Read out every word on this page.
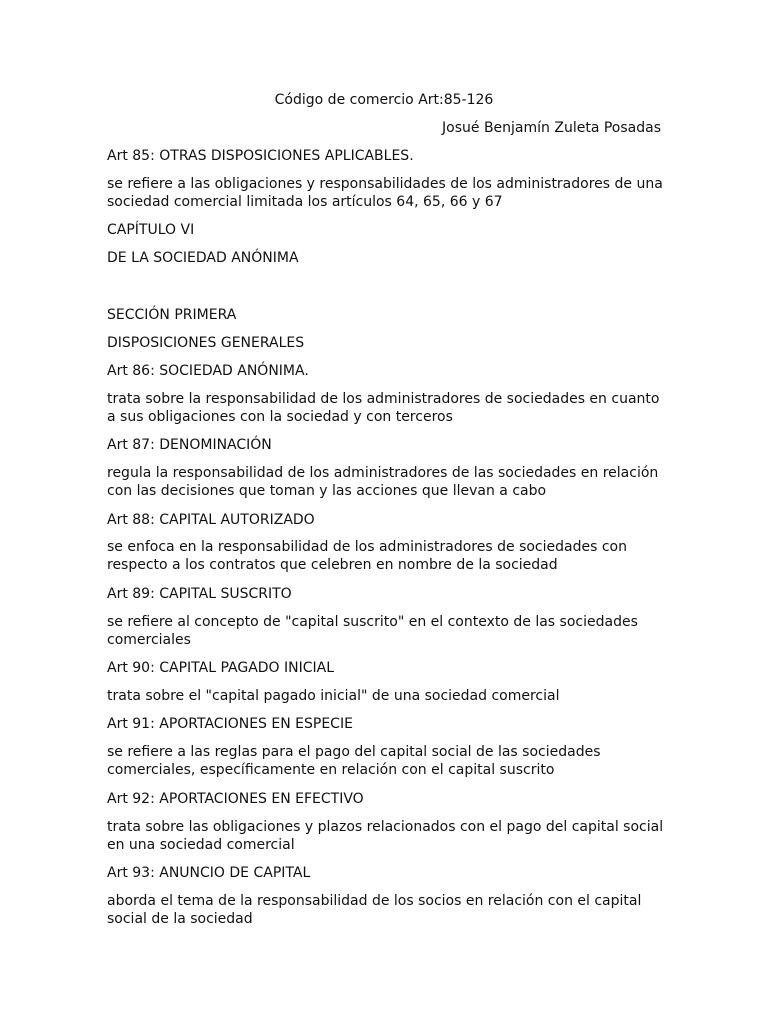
Código de comercio Art:85-126

Josué Benjamín Zuleta Posadas

Art 85: OTRAS DISPOSICIONES APLICABLES.

se refiere a las obligaciones y responsabilidades de los administradores de una sociedad comercial limitada los artículos 64, 65, 66 y 67

CAPÍTULO VI

DE LA SOCIEDAD ANÓNIMA

SECCIÓN PRIMERA

DISPOSICIONES GENERALES

Art 86: SOCIEDAD ANÓNIMA.

trata sobre la responsabilidad de los administradores de sociedades en cuanto a sus obligaciones con la sociedad y con terceros

Art 87: DENOMINACIÓN

regula la responsabilidad de los administradores de las sociedades en relación con las decisiones que toman y las acciones que llevan a cabo

Art 88: CAPITAL AUTORIZADO

se enfoca en la responsabilidad de los administradores de sociedades con respecto a los contratos que celebren en nombre de la sociedad

Art 89: CAPITAL SUSCRITO

se refiere al concepto de "capital suscrito" en el contexto de las sociedades comerciales

Art 90: CAPITAL PAGADO INICIAL

trata sobre el "capital pagado inicial" de una sociedad comercial

Art 91: APORTACIONES EN ESPECIE

se refiere a las reglas para el pago del capital social de las sociedades comerciales, específicamente en relación con el capital suscrito

Art 92: APORTACIONES EN EFECTIVO

trata sobre las obligaciones y plazos relacionados con el pago del capital social en una sociedad comercial

Art 93: ANUNCIO DE CAPITAL

aborda el tema de la responsabilidad de los socios en relación con el capital social de la sociedad
